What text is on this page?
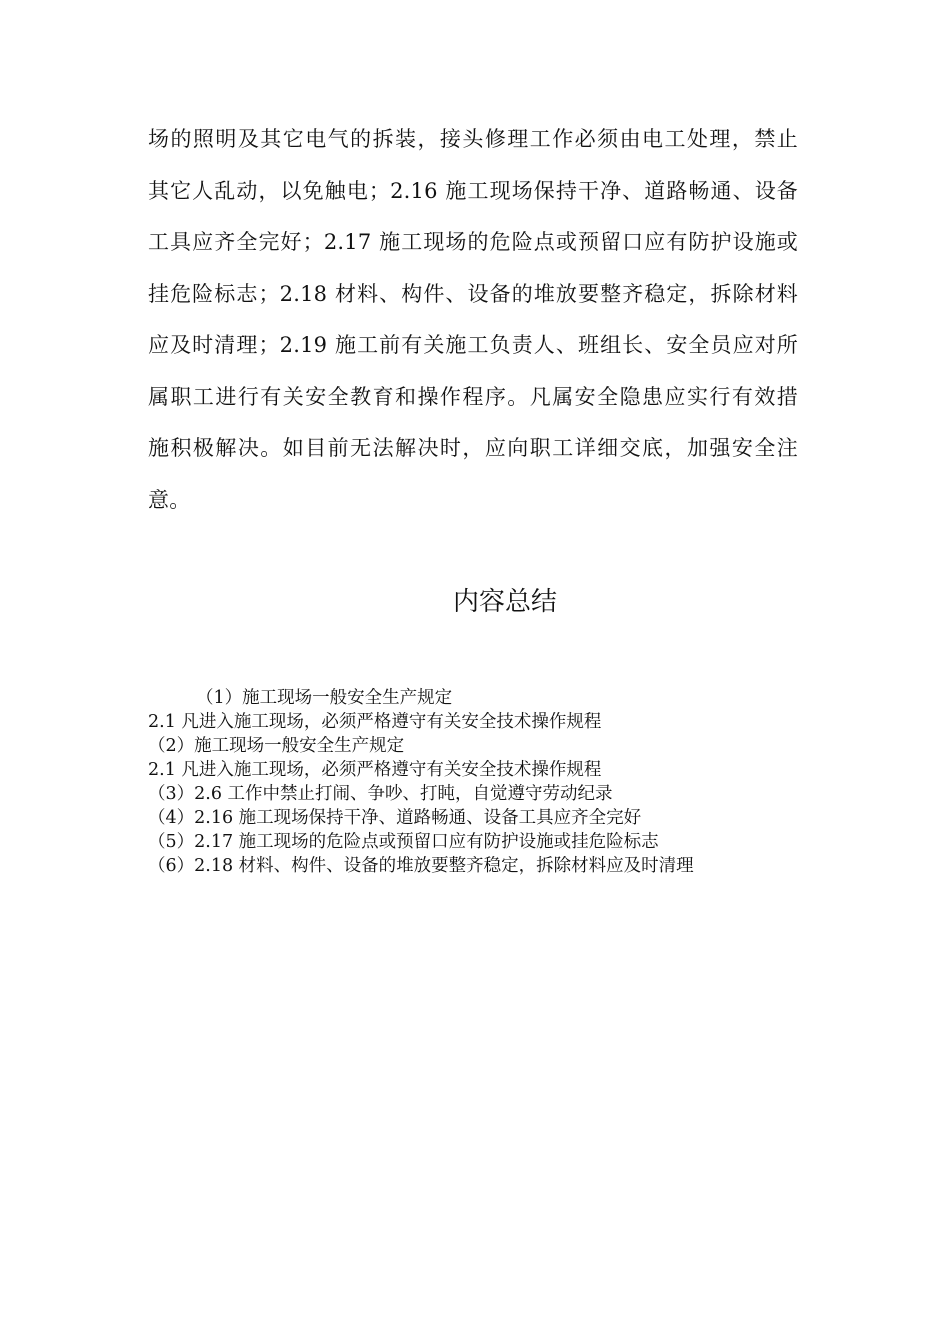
场的照明及其它电气的拆装，接头修理工作必须由电工处理，禁止
其它人乱动，以免触电；2.16 施工现场保持干净、道路畅通、设备
工具应齐全完好；2.17 施工现场的危险点或预留口应有防护设施或
挂危险标志；2.18 材料、构件、设备的堆放要整齐稳定，拆除材料
应及时清理；2.19 施工前有关施工负责人、班组长、安全员应对所
属职工进行有关安全教育和操作程序。凡属安全隐患应实行有效措
施积极解决。如目前无法解决时，应向职工详细交底，加强安全注
意。
内容总结
（1）施工现场一般安全生产规定
2.1 凡进入施工现场，必须严格遵守有关安全技术操作规程
（2）施工现场一般安全生产规定
2.1 凡进入施工现场，必须严格遵守有关安全技术操作规程
（3）2.6 工作中禁止打闹、争吵、打盹，自觉遵守劳动纪录
（4）2.16 施工现场保持干净、道路畅通、设备工具应齐全完好
（5）2.17 施工现场的危险点或预留口应有防护设施或挂危险标志
（6）2.18 材料、构件、设备的堆放要整齐稳定，拆除材料应及时清理
